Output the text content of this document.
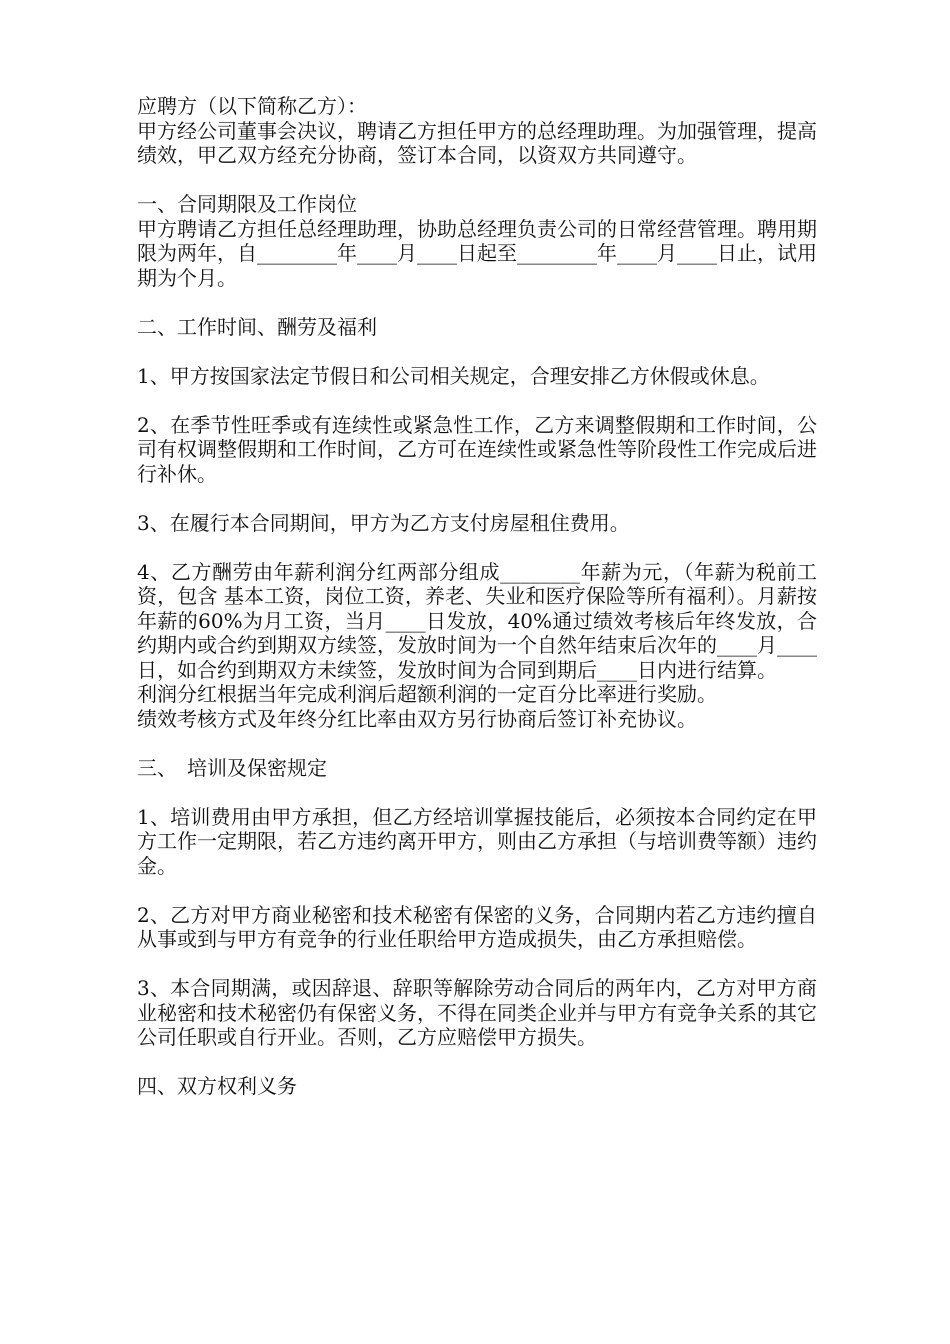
应聘方（以下简称乙方）：

甲方经公司董事会决议，聘请乙方担任甲方的总经理助理。为加强管理，提高绩效，甲乙双方经充分协商，签订本合同，以资双方共同遵守。

一、合同期限及工作岗位

甲方聘请乙方担任总经理助理，协助总经理负责公司的日常经营管理。聘用期限为两年，自________年____月____日起至________年____月____日止，试用期为个月。

二、工作时间、酬劳及福利

1、甲方按国家法定节假日和公司相关规定，合理安排乙方休假或休息。

2、在季节性旺季或有连续性或紧急性工作，乙方来调整假期和工作时间，公司有权调整假期和工作时间，乙方可在连续性或紧急性等阶段性工作完成后进行补休。

3、在履行本合同期间，甲方为乙方支付房屋租住费用。

4、乙方酬劳由年薪利润分红两部分组成________年薪为元，（年薪为税前工资，包含 基本工资，岗位工资，养老、失业和医疗保险等所有福利）。月薪按年薪的60%为月工资，当月____日发放，40%通过绩效考核后年终发放，合约期内或合约到期双方续签，发放时间为一个自然年结束后次年的____月____日，如合约到期双方未续签，发放时间为合同到期后____日内进行结算。

利润分红根据当年完成利润后超额利润的一定百分比率进行奖励。

绩效考核方式及年终分红比率由双方另行协商后签订补充协议。

三、　培训及保密规定

1、培训费用由甲方承担，但乙方经培训掌握技能后，必须按本合同约定在甲方工作一定期限，若乙方违约离开甲方，则由乙方承担（与培训费等额）违约金。

2、乙方对甲方商业秘密和技术秘密有保密的义务，合同期内若乙方违约擅自从事或到与甲方有竞争的行业任职给甲方造成损失，由乙方承担赔偿。

3、本合同期满，或因辞退、辞职等解除劳动合同后的两年内，乙方对甲方商业秘密和技术秘密仍有保密义务，不得在同类企业并与甲方有竞争关系的其它公司任职或自行开业。否则，乙方应赔偿甲方损失。

四、双方权利义务
